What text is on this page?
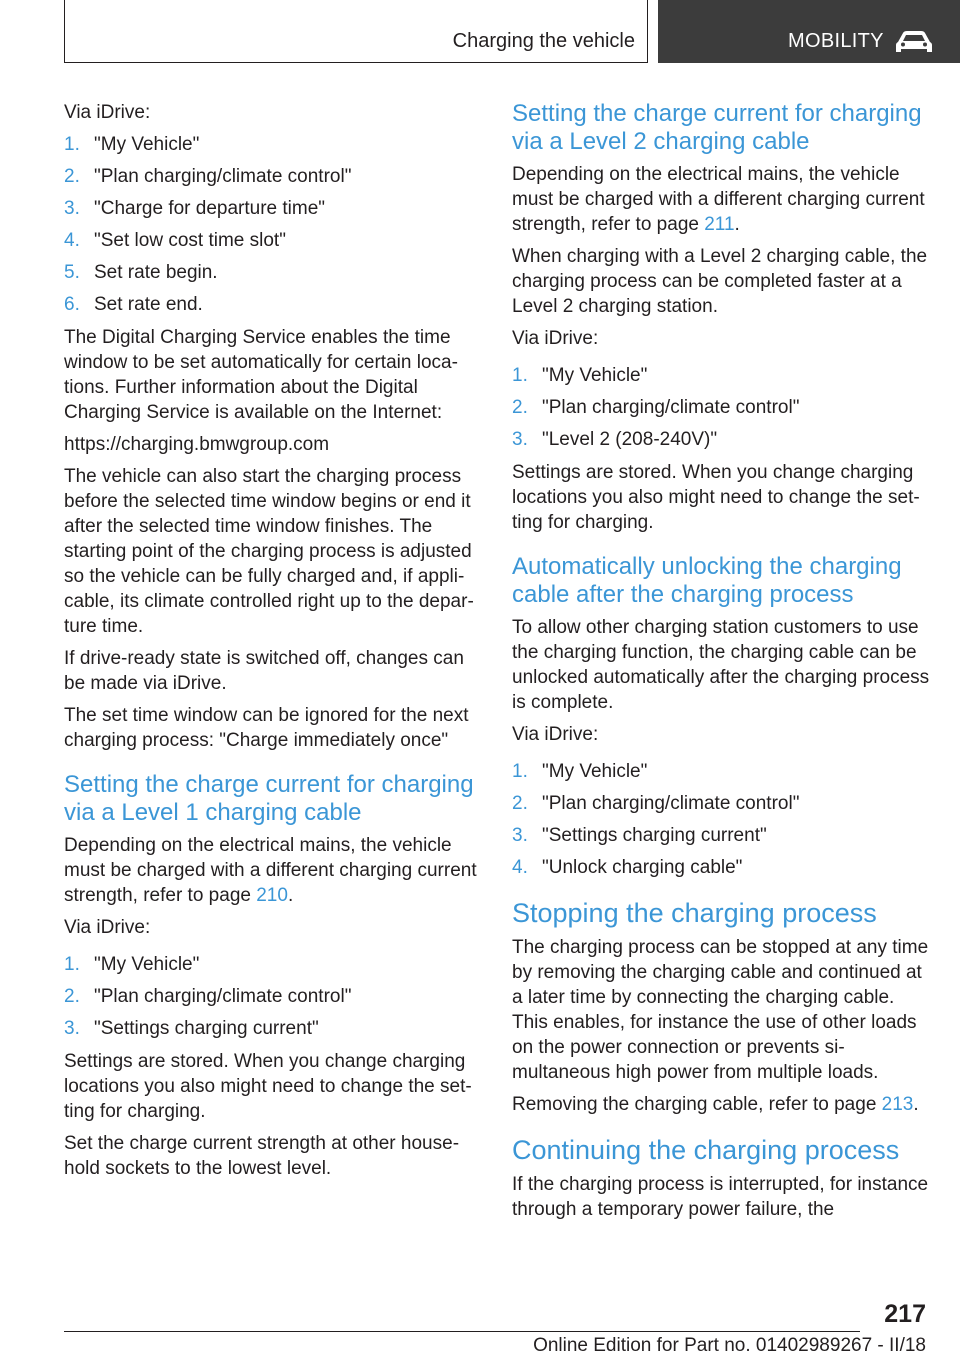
Charging the vehicle	MOBILITY

Via iDrive:

1. "My Vehicle"
2. "Plan charging/climate control"
3. "Charge for departure time"
4. "Set low cost time slot"
5. Set rate begin.
6. Set rate end.

The Digital Charging Service enables the time window to be set automatically for certain locations. Further information about the Digital Charging Service is available on the Internet:

https://charging.bmwgroup.com

The vehicle can also start the charging process before the selected time window begins or end it after the selected time window finishes. The starting point of the charging process is adjusted so the vehicle can be fully charged and, if applicable, its climate controlled right up to the departure time.

If drive-ready state is switched off, changes can be made via iDrive.

The set time window can be ignored for the next charging process: "Charge immediately once"

Setting the charge current for charging via a Level 1 charging cable

Depending on the electrical mains, the vehicle must be charged with a different charging current strength, refer to page 210.

Via iDrive:

1. "My Vehicle"
2. "Plan charging/climate control"
3. "Settings charging current"

Settings are stored. When you change charging locations you also might need to change the setting for charging.

Set the charge current strength at other household sockets to the lowest level.

Setting the charge current for charging via a Level 2 charging cable

Depending on the electrical mains, the vehicle must be charged with a different charging current strength, refer to page 211.

When charging with a Level 2 charging cable, the charging process can be completed faster at a Level 2 charging station.

Via iDrive:

1. "My Vehicle"
2. "Plan charging/climate control"
3. "Level 2 (208-240V)"

Settings are stored. When you change charging locations you also might need to change the setting for charging.

Automatically unlocking the charging cable after the charging process

To allow other charging station customers to use the charging function, the charging cable can be unlocked automatically after the charging process is complete.

Via iDrive:

1. "My Vehicle"
2. "Plan charging/climate control"
3. "Settings charging current"
4. "Unlock charging cable"
Stopping the charging process

The charging process can be stopped at any time by removing the charging cable and continued at a later time by connecting the charging cable. This enables, for instance the use of other loads on the power connection or prevents simultaneous high power from multiple loads.

Removing the charging cable, refer to page 213.

Continuing the charging process

If the charging process is interrupted, for instance through a temporary power failure, the

217
Online Edition for Part no. 01402989267 - II/18
